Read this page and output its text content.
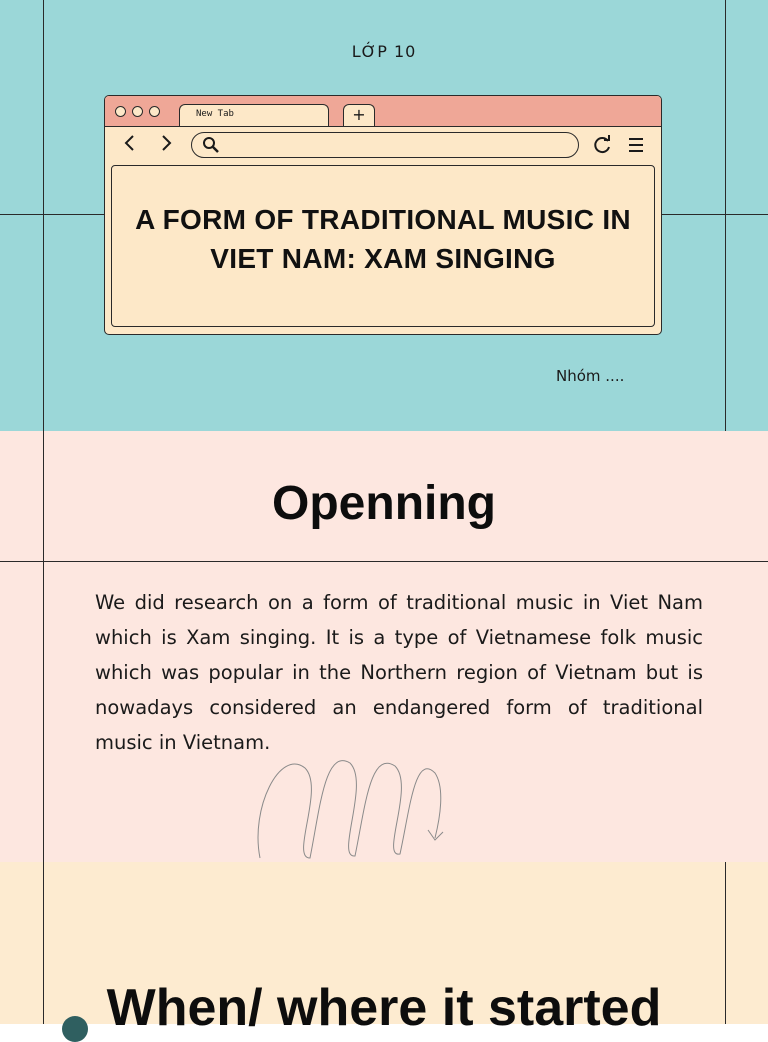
LỚP 10
New Tab	+
A FORM OF TRADITIONAL MUSIC IN VIET NAM: XAM SINGING
Nhóm ....
Openning
We did research on a form of traditional music in Viet Nam which is Xam singing. It is a type of Vietnamese folk music which was popular in the Northern region of Vietnam but is nowadays considered an endangered form of traditional music in Vietnam.
When/ where it started
